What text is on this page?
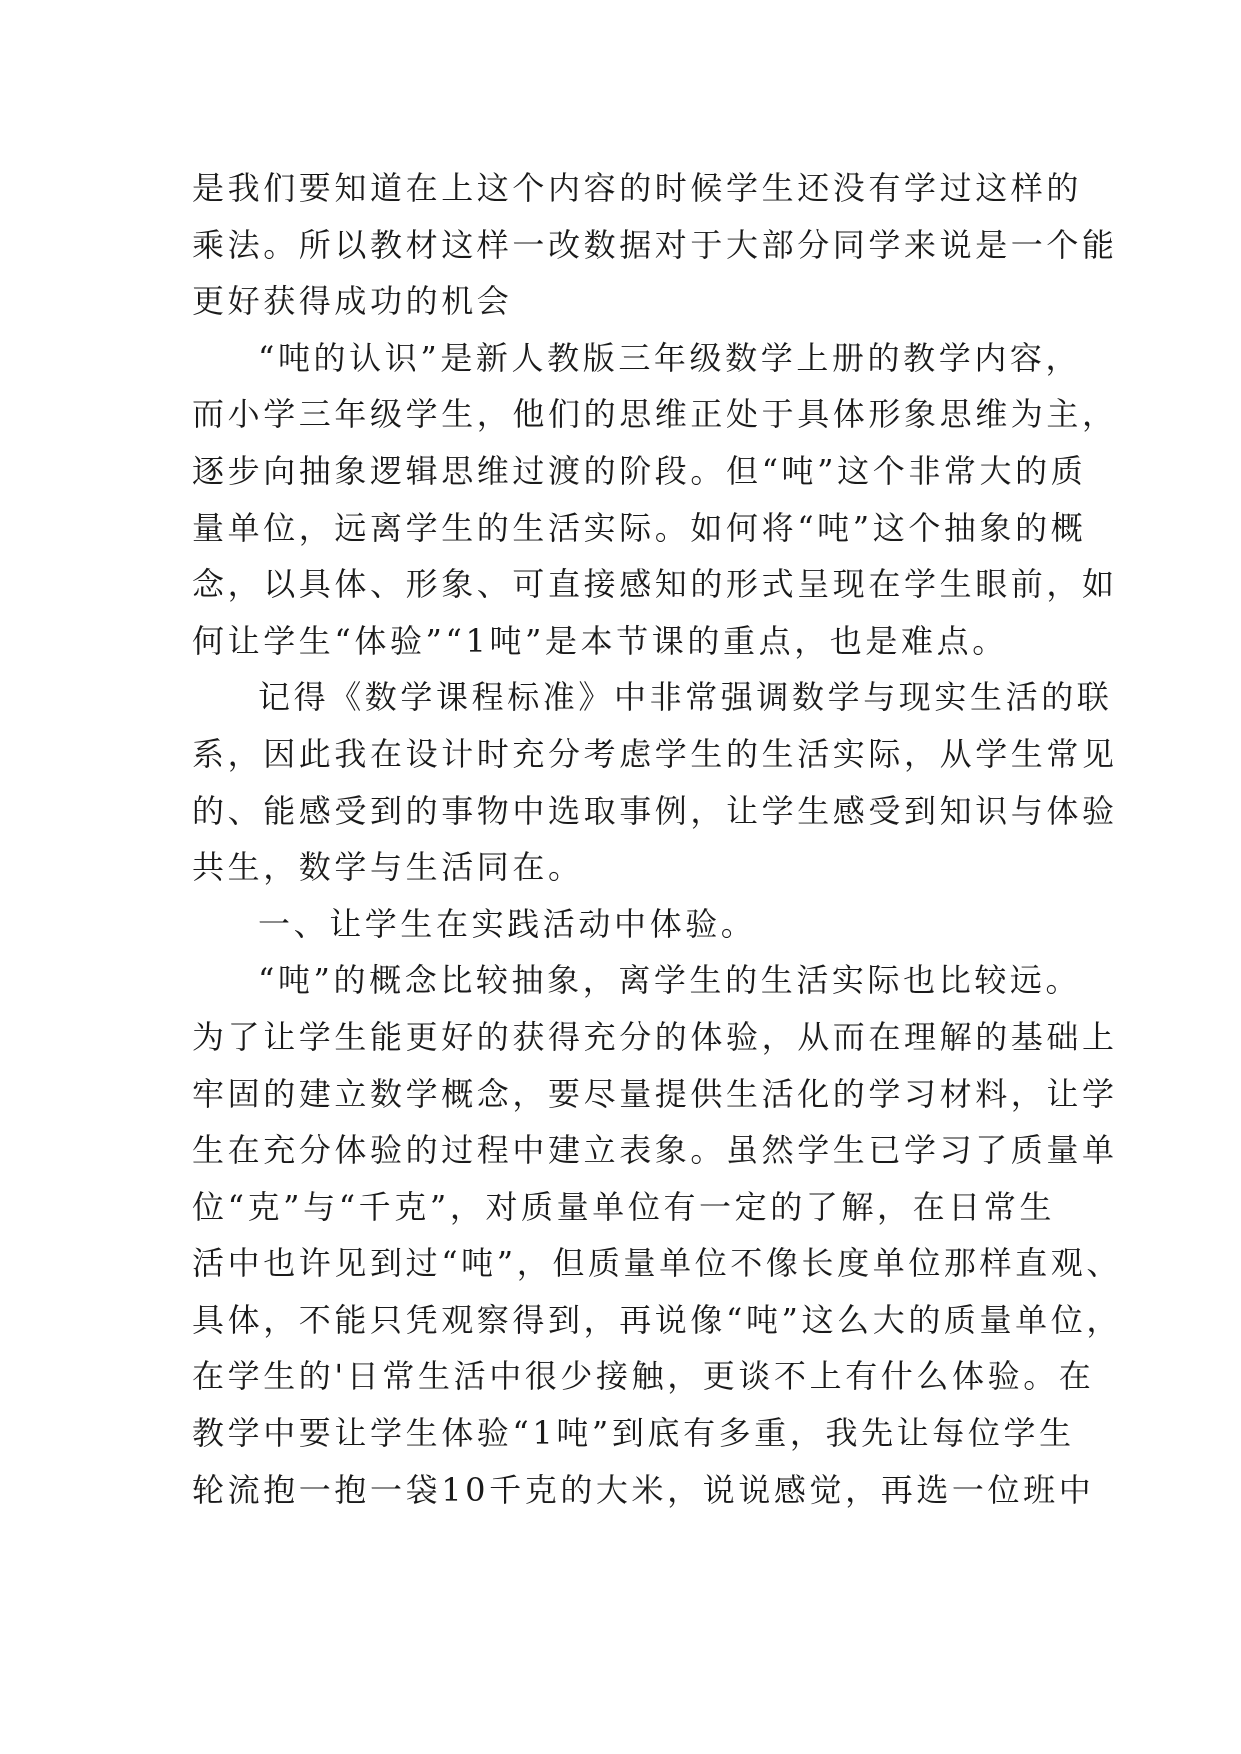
是我们要知道在上这个内容的时候学生还没有学过这样的
乘法。所以教材这样一改数据对于大部分同学来说是一个能
更好获得成功的机会
“吨的认识”是新人教版三年级数学上册的教学内容，
而小学三年级学生，他们的思维正处于具体形象思维为主，
逐步向抽象逻辑思维过渡的阶段。但“吨”这个非常大的质
量单位，远离学生的生活实际。如何将“吨”这个抽象的概
念，以具体、形象、可直接感知的形式呈现在学生眼前，如
何让学生“体验”“1吨”是本节课的重点，也是难点。
记得《数学课程标准》中非常强调数学与现实生活的联
系，因此我在设计时充分考虑学生的生活实际，从学生常见
的、能感受到的事物中选取事例，让学生感受到知识与体验
共生，数学与生活同在。
一、让学生在实践活动中体验。
“吨”的概念比较抽象，离学生的生活实际也比较远。
为了让学生能更好的获得充分的体验，从而在理解的基础上
牢固的建立数学概念，要尽量提供生活化的学习材料，让学
生在充分体验的过程中建立表象。虽然学生已学习了质量单
位“克”与“千克”，对质量单位有一定的了解，在日常生
活中也许见到过“吨”，但质量单位不像长度单位那样直观、
具体，不能只凭观察得到，再说像“吨”这么大的质量单位，
在学生的'日常生活中很少接触，更谈不上有什么体验。在
教学中要让学生体验“1吨”到底有多重，我先让每位学生
轮流抱一抱一袋10千克的大米，说说感觉，再选一位班中
